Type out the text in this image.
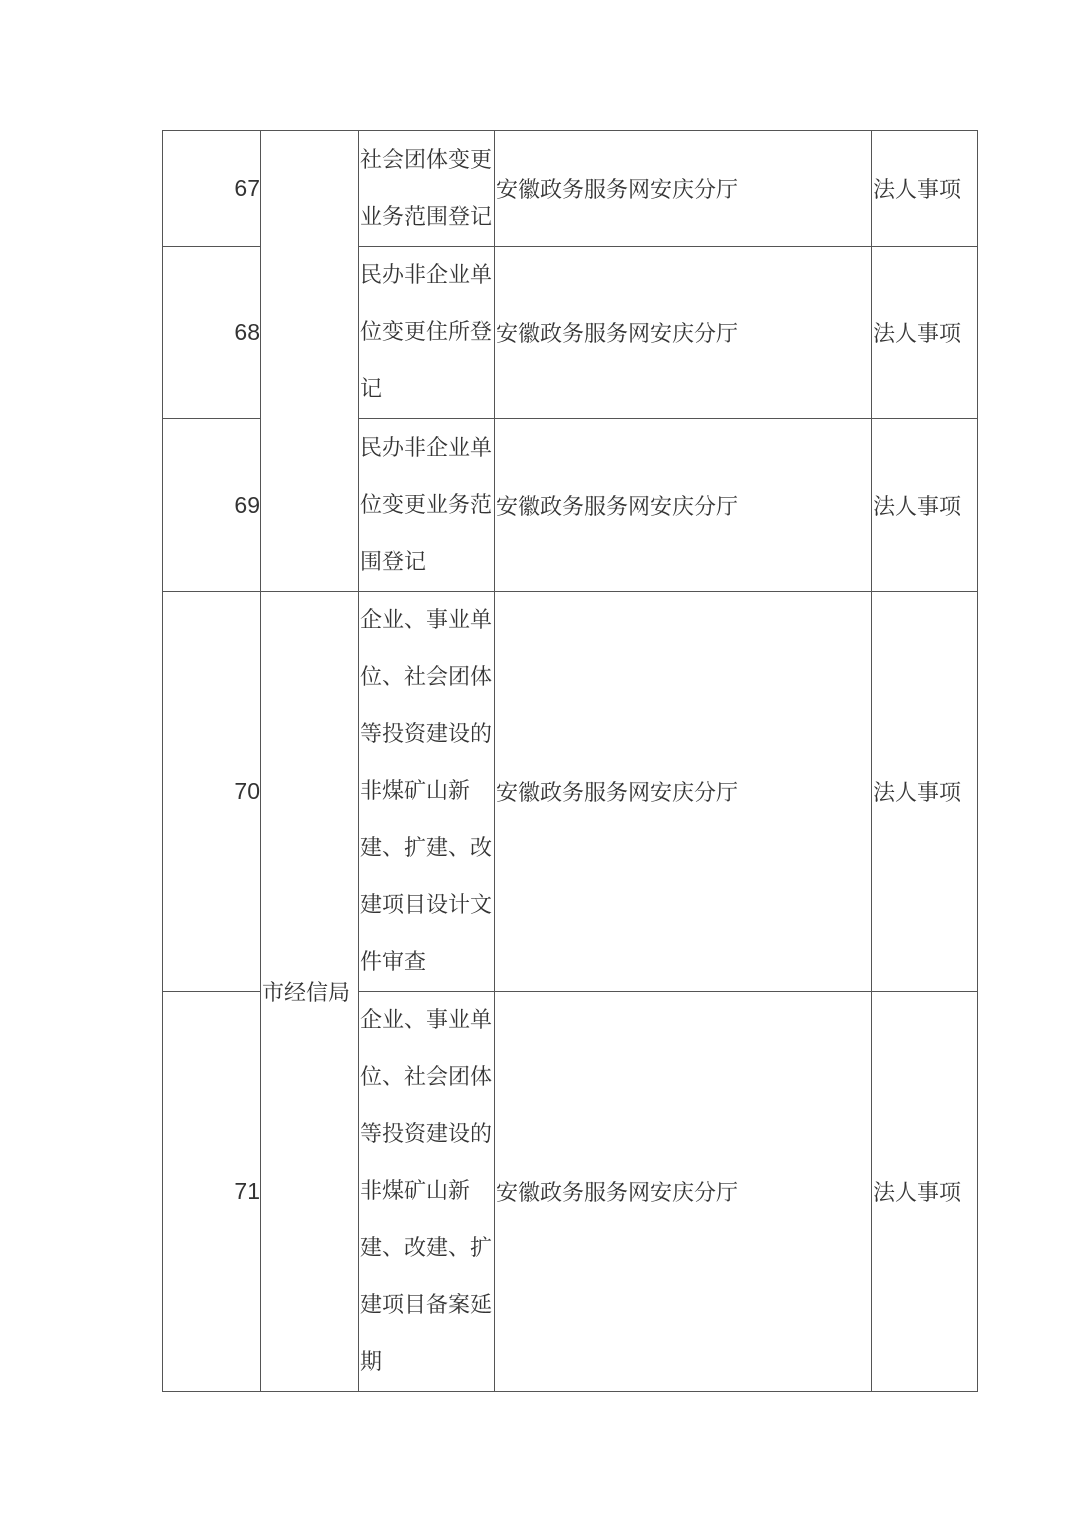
67		社会团体变更业务范围登记	安徽政务服务网安庆分厅	法人事项
68		民办非企业单位变更住所登记	安徽政务服务网安庆分厅	法人事项
69		民办非企业单位变更业务范围登记	安徽政务服务网安庆分厅	法人事项
70	市经信局	企业、事业单位、社会团体等投资建设的非煤矿山新建、扩建、改建项目设计文件审查	安徽政务服务网安庆分厅	法人事项
71		企业、事业单位、社会团体等投资建设的非煤矿山新建、改建、扩建项目备案延期	安徽政务服务网安庆分厅	法人事项
